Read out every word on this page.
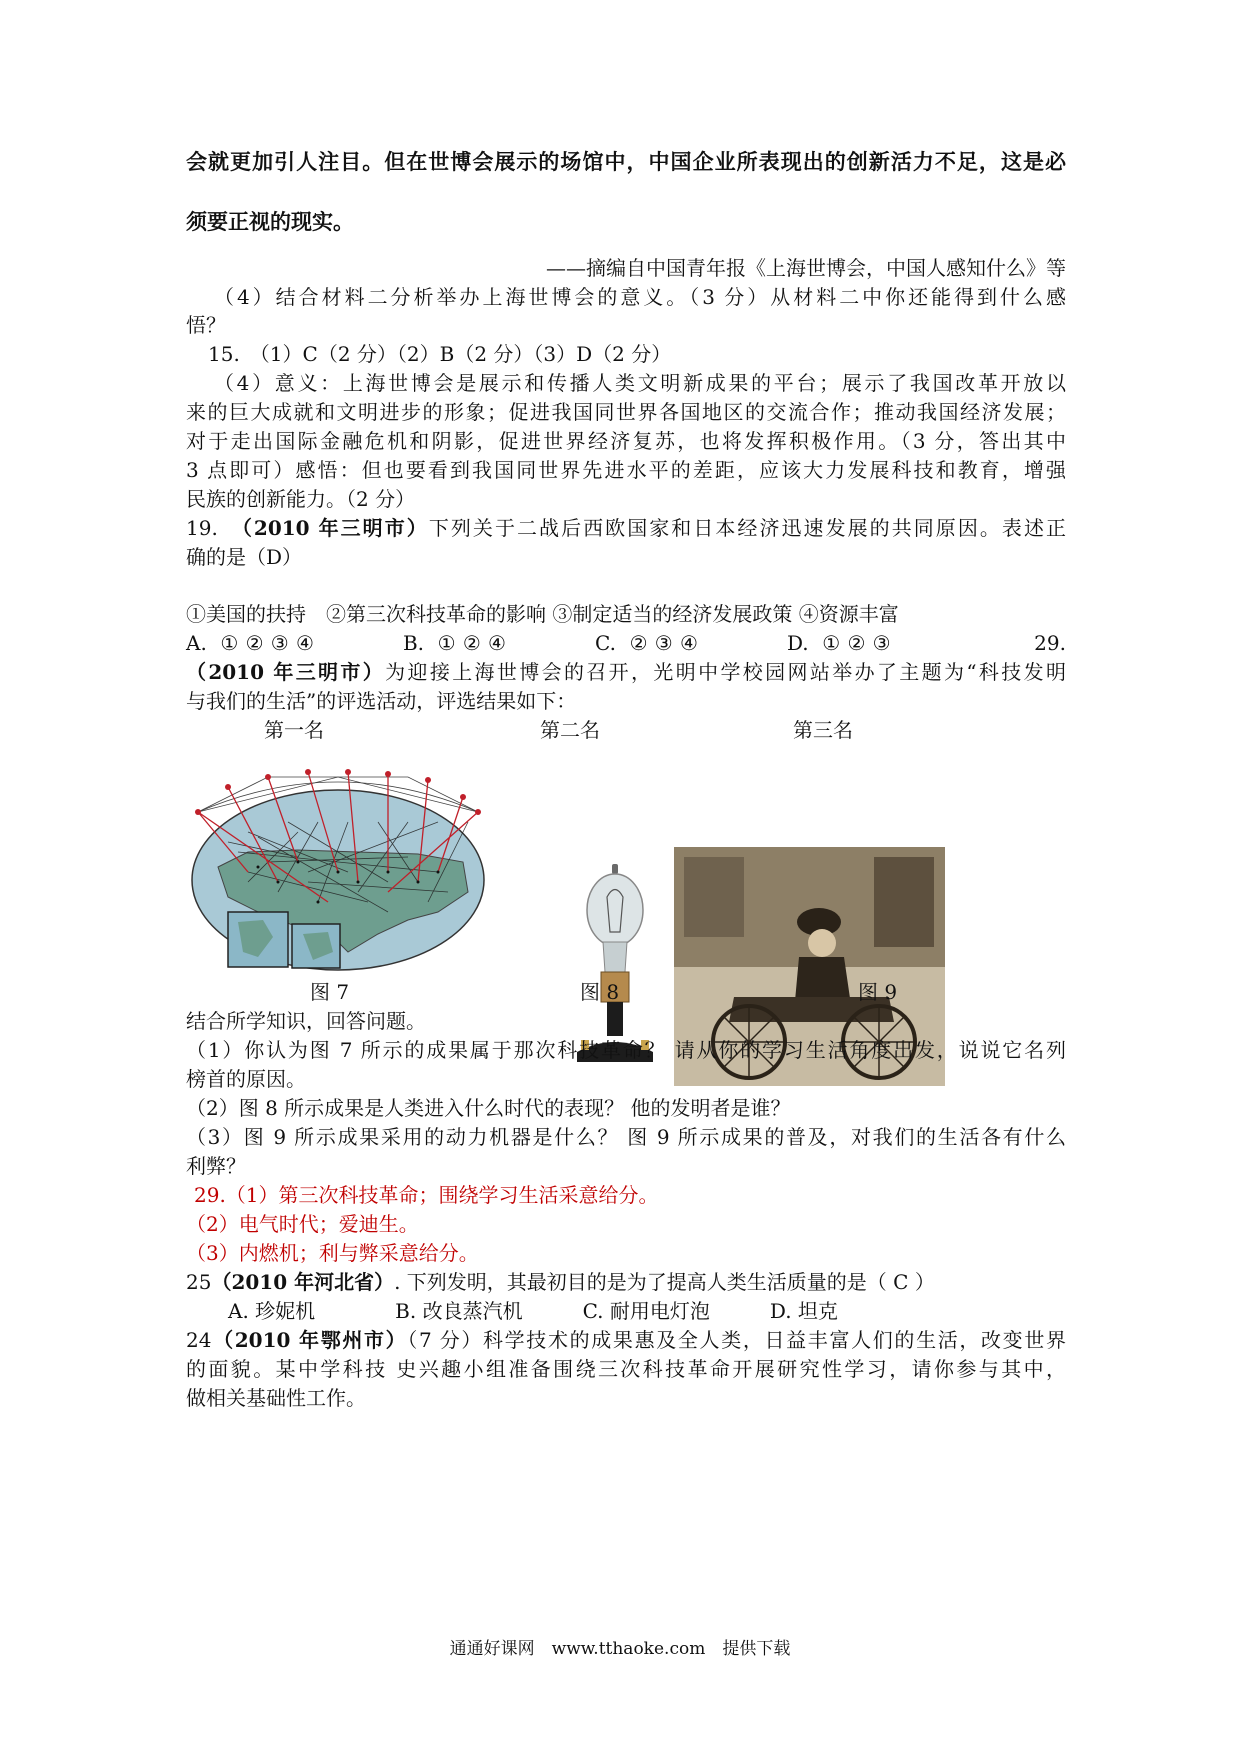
会就更加引人注目。但在世博会展示的场馆中，中国企业所表现出的创新活力不足，这是必
须要正视的现实。
——摘编自中国青年报《上海世博会，中国人感知什么》等
（4）结合材料二分析举办上海世博会的意义。（3 分）从材料二中你还能得到什么感
悟？
15.　（1）C（2 分）（2）B（2 分）（3）D（2 分）
（4）意义：上海世博会是展示和传播人类文明新成果的平台；展示了我国改革开放以
来的巨大成就和文明进步的形象；促进我国同世界各国地区的交流合作；推动我国经济发展；
对于走出国际金融危机和阴影，促进世界经济复苏，也将发挥积极作用。（3 分，答出其中
3 点即可）感悟：但也要看到我国同世界先进水平的差距，应该大力发展科技和教育，增强
民族的创新能力。（2 分）
19.　（2010 年三明市）下列关于二战后西欧国家和日本经济迅速发展的共同原因。表述正
确的是（D）
①美国的扶持　②第三次科技革命的影响 ③制定适当的经济发展政策 ④资源丰富
A. ①②③④　　　B. ①②④　　　C. ②③④　　　D. ①②③　　　　　29.
（2010 年三明市）为迎接上海世博会的召开，光明中学校园网站举办了主题为“科技发明
与我们的生活”的评选活动，评选结果如下：
第一名	第二名	第三名
图 7	图 8	图 9
结合所学知识，回答问题。
（1）你认为图 7 所示的成果属于那次科技革命？ 请从你的学习生活角度出发，说说它名列
榜首的原因。
（2）图 8 所示成果是人类进入什么时代的表现？ 他的发明者是谁？
（3）图 9 所示成果采用的动力机器是什么？ 图 9 所示成果的普及，对我们的生活各有什么
利弊？
29.（1）第三次科技革命；围绕学习生活采意给分。
（2）电气时代；爱迪生。
（3）内燃机；利与弊采意给分。
25（2010 年河北省）. 下列发明，其最初目的是为了提高人类生活质量的是（ C ）
A. 珍妮机　　　　B. 改良蒸汽机　　　C. 耐用电灯泡　　　D. 坦克
24（2010 年鄂州市）（7 分）科学技术的成果惠及全人类，日益丰富人们的生活，改变世界
的面貌。某中学科技 史兴趣小组准备围绕三次科技革命开展研究性学习，请你参与其中，
做相关基础性工作。
通通好课网　www.tthaoke.com　提供下载
